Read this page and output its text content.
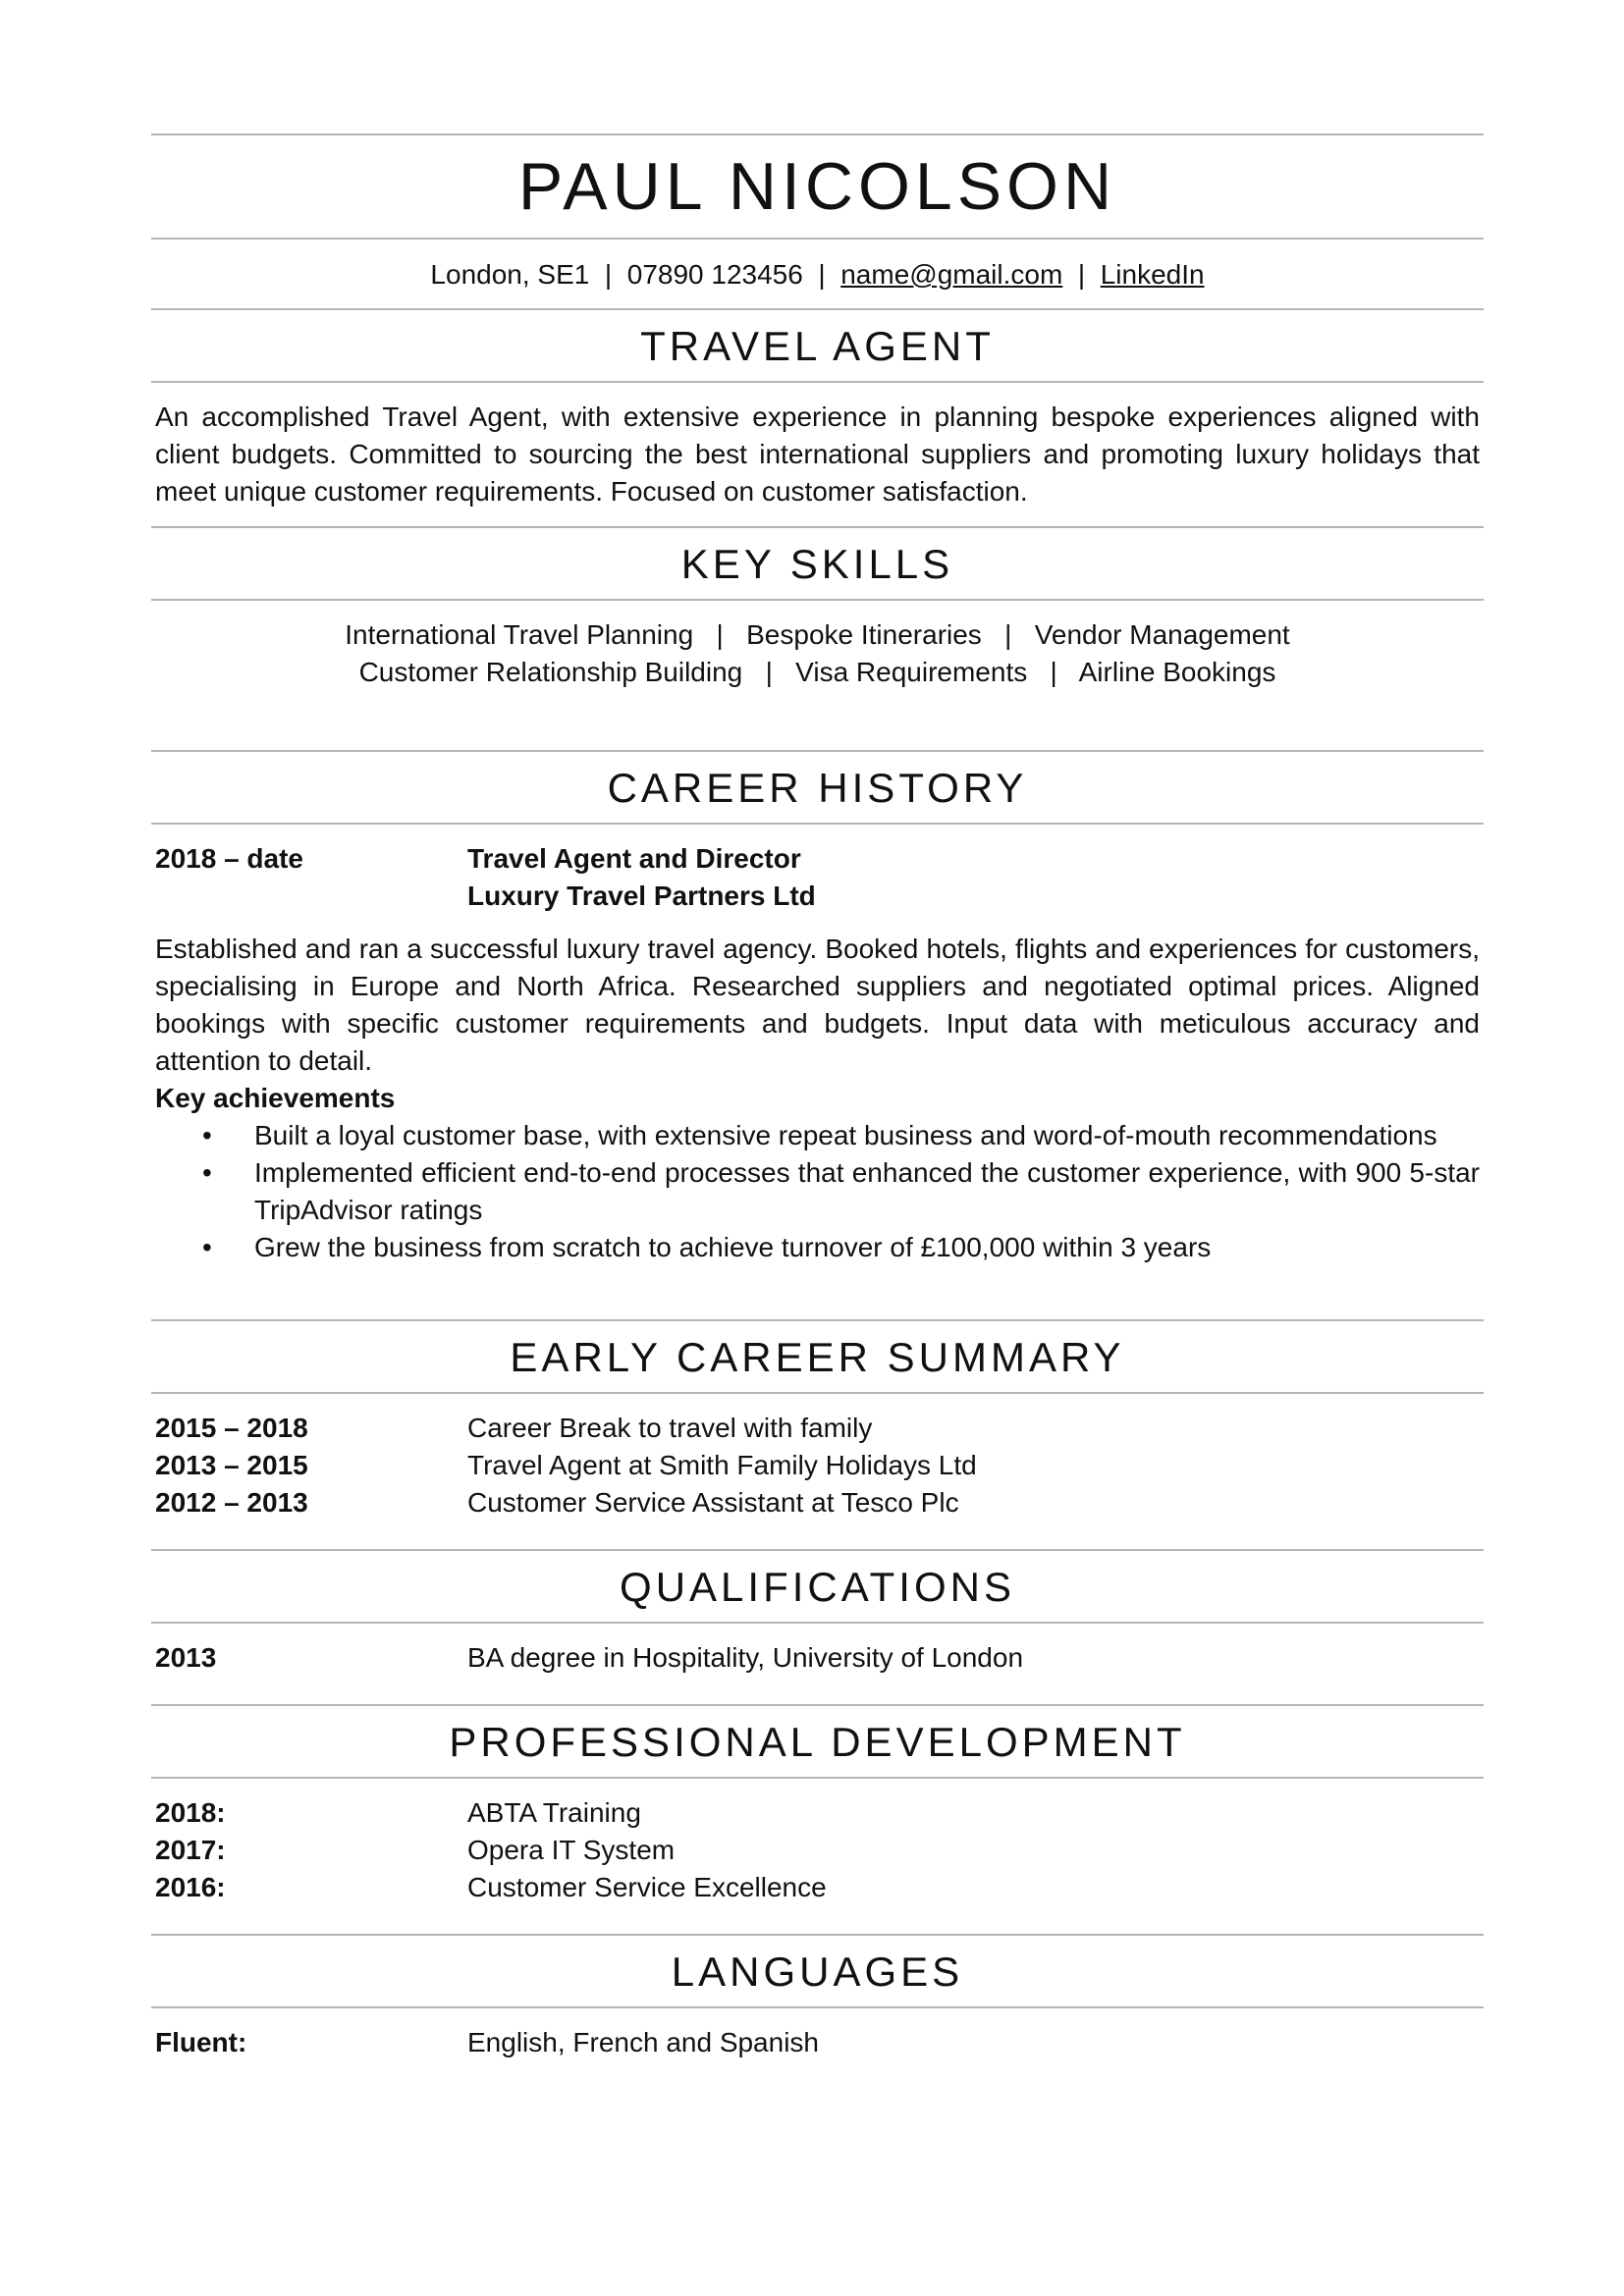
PAUL NICOLSON
London, SE1 | 07890 123456 | name@gmail.com | LinkedIn
TRAVEL AGENT
An accomplished Travel Agent, with extensive experience in planning bespoke experiences aligned with client budgets. Committed to sourcing the best international suppliers and promoting luxury holidays that meet unique customer requirements. Focused on customer satisfaction.
KEY SKILLS
International Travel Planning   |   Bespoke Itineraries   |   Vendor Management
Customer Relationship Building   |   Visa Requirements   |   Airline Bookings
CAREER HISTORY
2018 – date	Travel Agent and Director
Luxury Travel Partners Ltd
Established and ran a successful luxury travel agency. Booked hotels, flights and experiences for customers, specialising in Europe and North Africa. Researched suppliers and negotiated optimal prices. Aligned bookings with specific customer requirements and budgets. Input data with meticulous accuracy and attention to detail.
Key achievements
• Built a loyal customer base, with extensive repeat business and word-of-mouth recommendations
• Implemented efficient end-to-end processes that enhanced the customer experience, with 900 5-star TripAdvisor ratings
• Grew the business from scratch to achieve turnover of £100,000 within 3 years
EARLY CAREER SUMMARY
2015 – 2018	Career Break to travel with family
2013 – 2015	Travel Agent at Smith Family Holidays Ltd
2012 – 2013	Customer Service Assistant at Tesco Plc
QUALIFICATIONS
2013	BA degree in Hospitality, University of London
PROFESSIONAL DEVELOPMENT
2018:	ABTA Training
2017:	Opera IT System
2016:	Customer Service Excellence
LANGUAGES
Fluent:	English, French and Spanish
